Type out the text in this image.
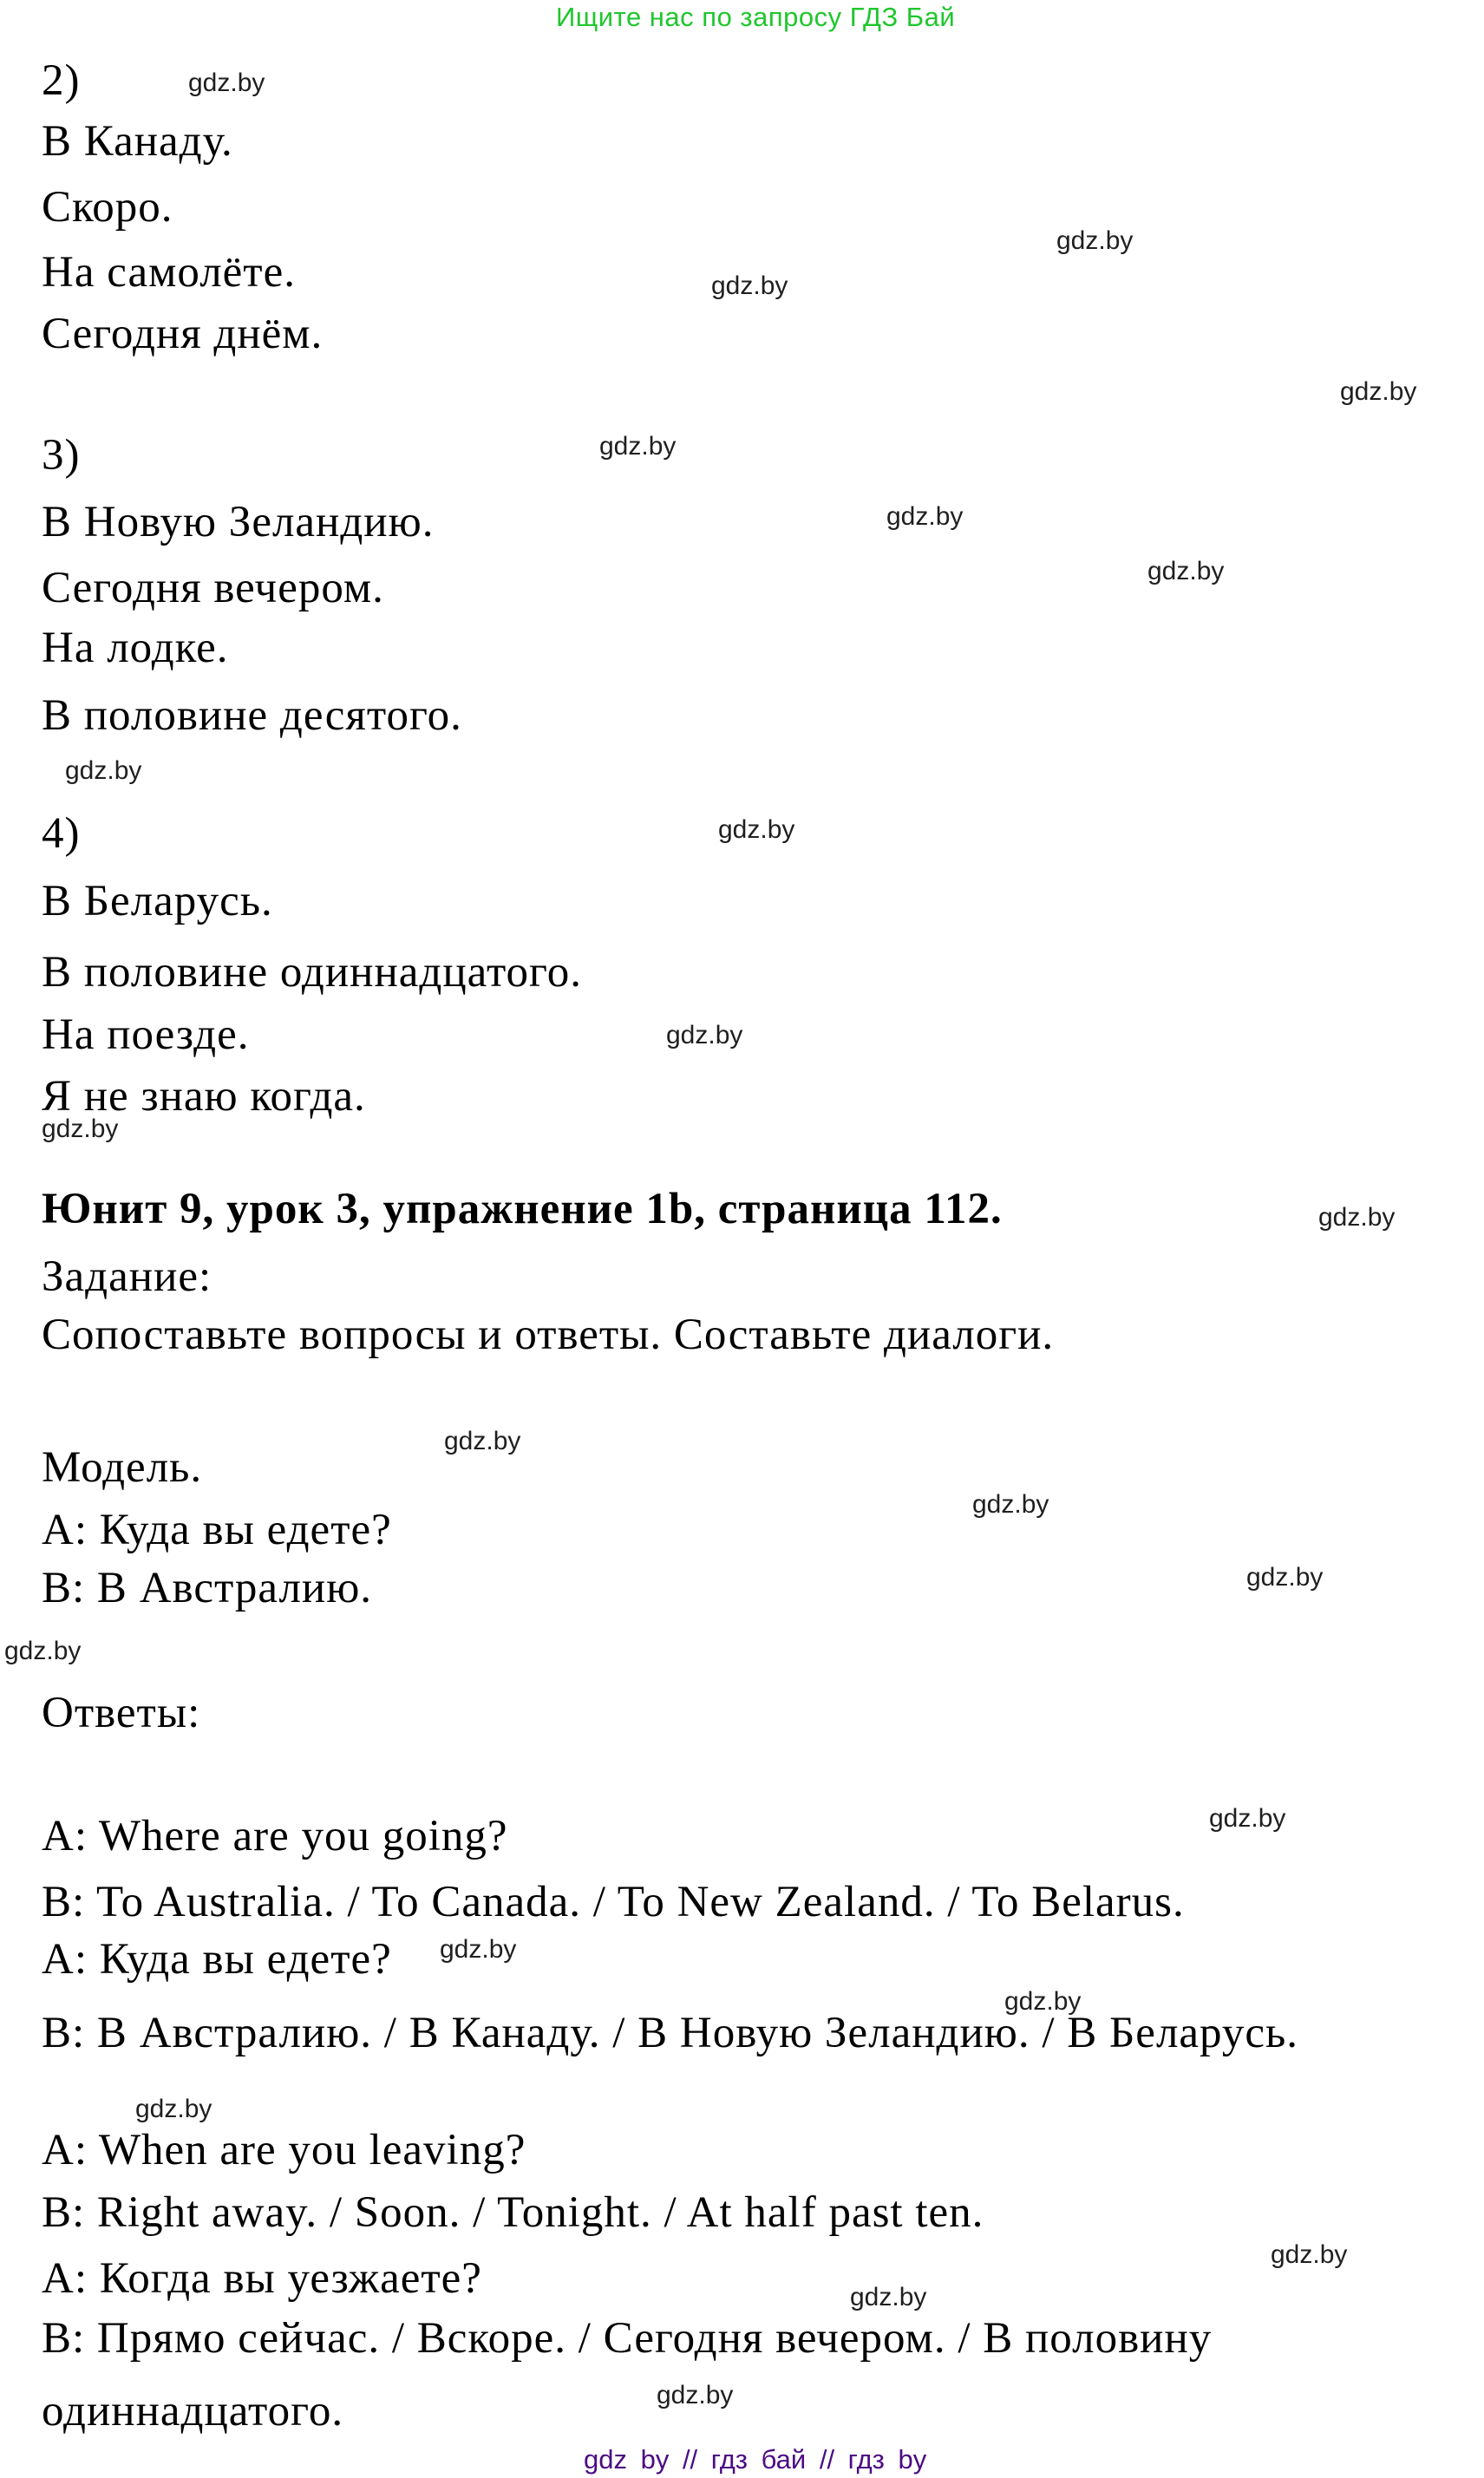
Ищите нас по запросу ГДЗ Бай
2)
В Канаду.
Скоро.
На самолёте.
Сегодня днём.
3)
В Новую Зеландию.
Сегодня вечером.
На лодке.
В половине десятого.
4)
В Беларусь.
В половине одиннадцатого.
На поезде.
Я не знаю когда.
Юнит 9, урок 3, упражнение 1b, страница 112.
Задание:
Сопоставьте вопросы и ответы. Составьте диалоги.
Модель.
А: Куда вы едете?
В: В Австралию.
Ответы:
A: Where are you going?
B: To Australia. / To Canada. / To New Zealand. / To Belarus.
А: Куда вы едете?
В: В Австралию. / В Канаду. / В Новую Зеландию. / В Беларусь.
A: When are you leaving?
B: Right away. / Soon. / Tonight. / At half past ten.
А: Когда вы уезжаете?
В: Прямо сейчас. / Вскоре. / Сегодня вечером. / В половину
одиннадцатого.
gdz.by
gdz.by
gdz.by
gdz.by
gdz.by
gdz.by
gdz.by
gdz.by
gdz.by
gdz.by
gdz.by
gdz.by
gdz.by
gdz.by
gdz.by
gdz.by
gdz.by
gdz.by
gdz.by
gdz.by
gdz.by
gdz.by
gdz.by
gdz by // гдз бай // гдз by
